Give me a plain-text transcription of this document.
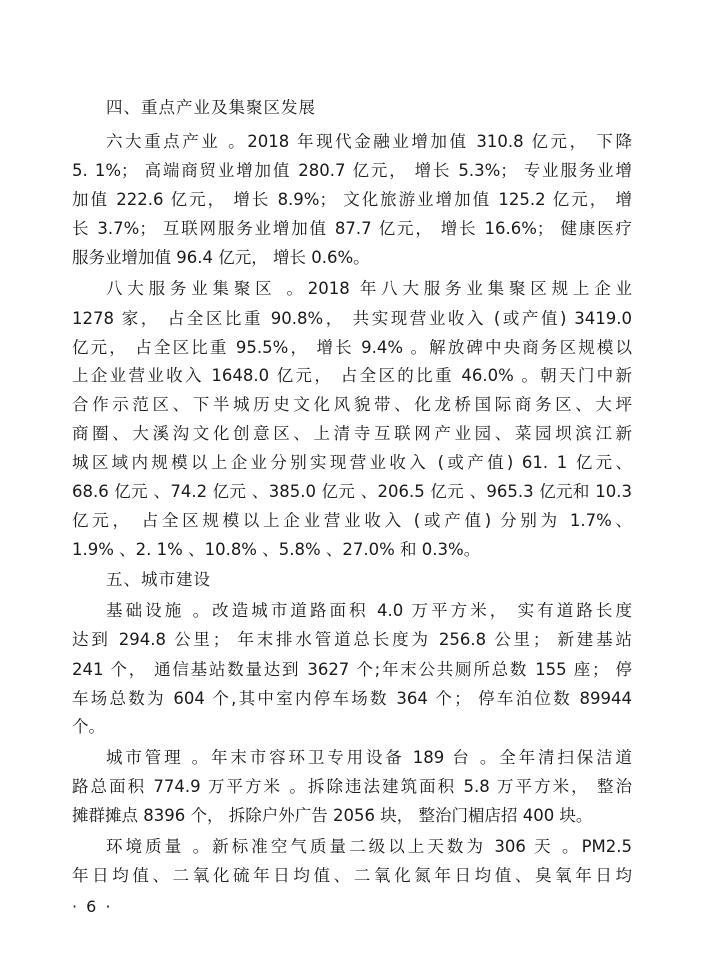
四、重点产业及集聚区发展
六大重点产业 。2018 年现代金融业增加值 310.8 亿元， 下降
5. 1%； 高端商贸业增加值 280.7 亿元， 增长 5.3%； 专业服务业增
加值 222.6 亿元， 增长 8.9%； 文化旅游业增加值 125.2 亿元， 增
长 3.7%； 互联网服务业增加值 87.7 亿元， 增长 16.6%； 健康医疗
服务业增加值 96.4 亿元， 增长 0.6%。
八大服务业集聚区 。2018 年八大服务业集聚区规上企业
1278 家， 占全区比重 90.8%， 共实现营业收入 (或产值) 3419.0
亿元， 占全区比重 95.5%， 增长 9.4% 。解放碑中央商务区规模以
上企业营业收入 1648.0 亿元， 占全区的比重 46.0% 。朝天门中新
合作示范区、下半城历史文化风貌带、化龙桥国际商务区、大坪
商圈、大溪沟文化创意区、上清寺互联网产业园、菜园坝滨江新
城区域内规模以上企业分别实现营业收入 (或产值) 61. 1 亿元、
68.6 亿元 、74.2 亿元 、385.0 亿元 、206.5 亿元 、965.3 亿元和 10.3
亿元， 占全区规模以上企业营业收入 (或产值) 分别为 1.7%、
1.9% 、2. 1% 、10.8% 、5.8% 、27.0% 和 0.3%。
五、城市建设
基础设施 。改造城市道路面积 4.0 万平方米， 实有道路长度
达到 294.8 公里； 年末排水管道总长度为 256.8 公里； 新建基站
241 个， 通信基站数量达到 3627 个;年末公共厕所总数 155 座； 停
车场总数为 604 个,其中室内停车场数 364 个； 停车泊位数 89944
个。
城市管理 。年末市容环卫专用设备 189 台 。全年清扫保洁道
路总面积 774.9 万平方米 。拆除违法建筑面积 5.8 万平方米， 整治
摊群摊点 8396 个， 拆除户外广告 2056 块， 整治门楣店招 400 块。
环境质量 。新标准空气质量二级以上天数为 306 天 。PM2.5
年日均值、二氧化硫年日均值、二氧化氮年日均值、臭氧年日均
· 6 ·
